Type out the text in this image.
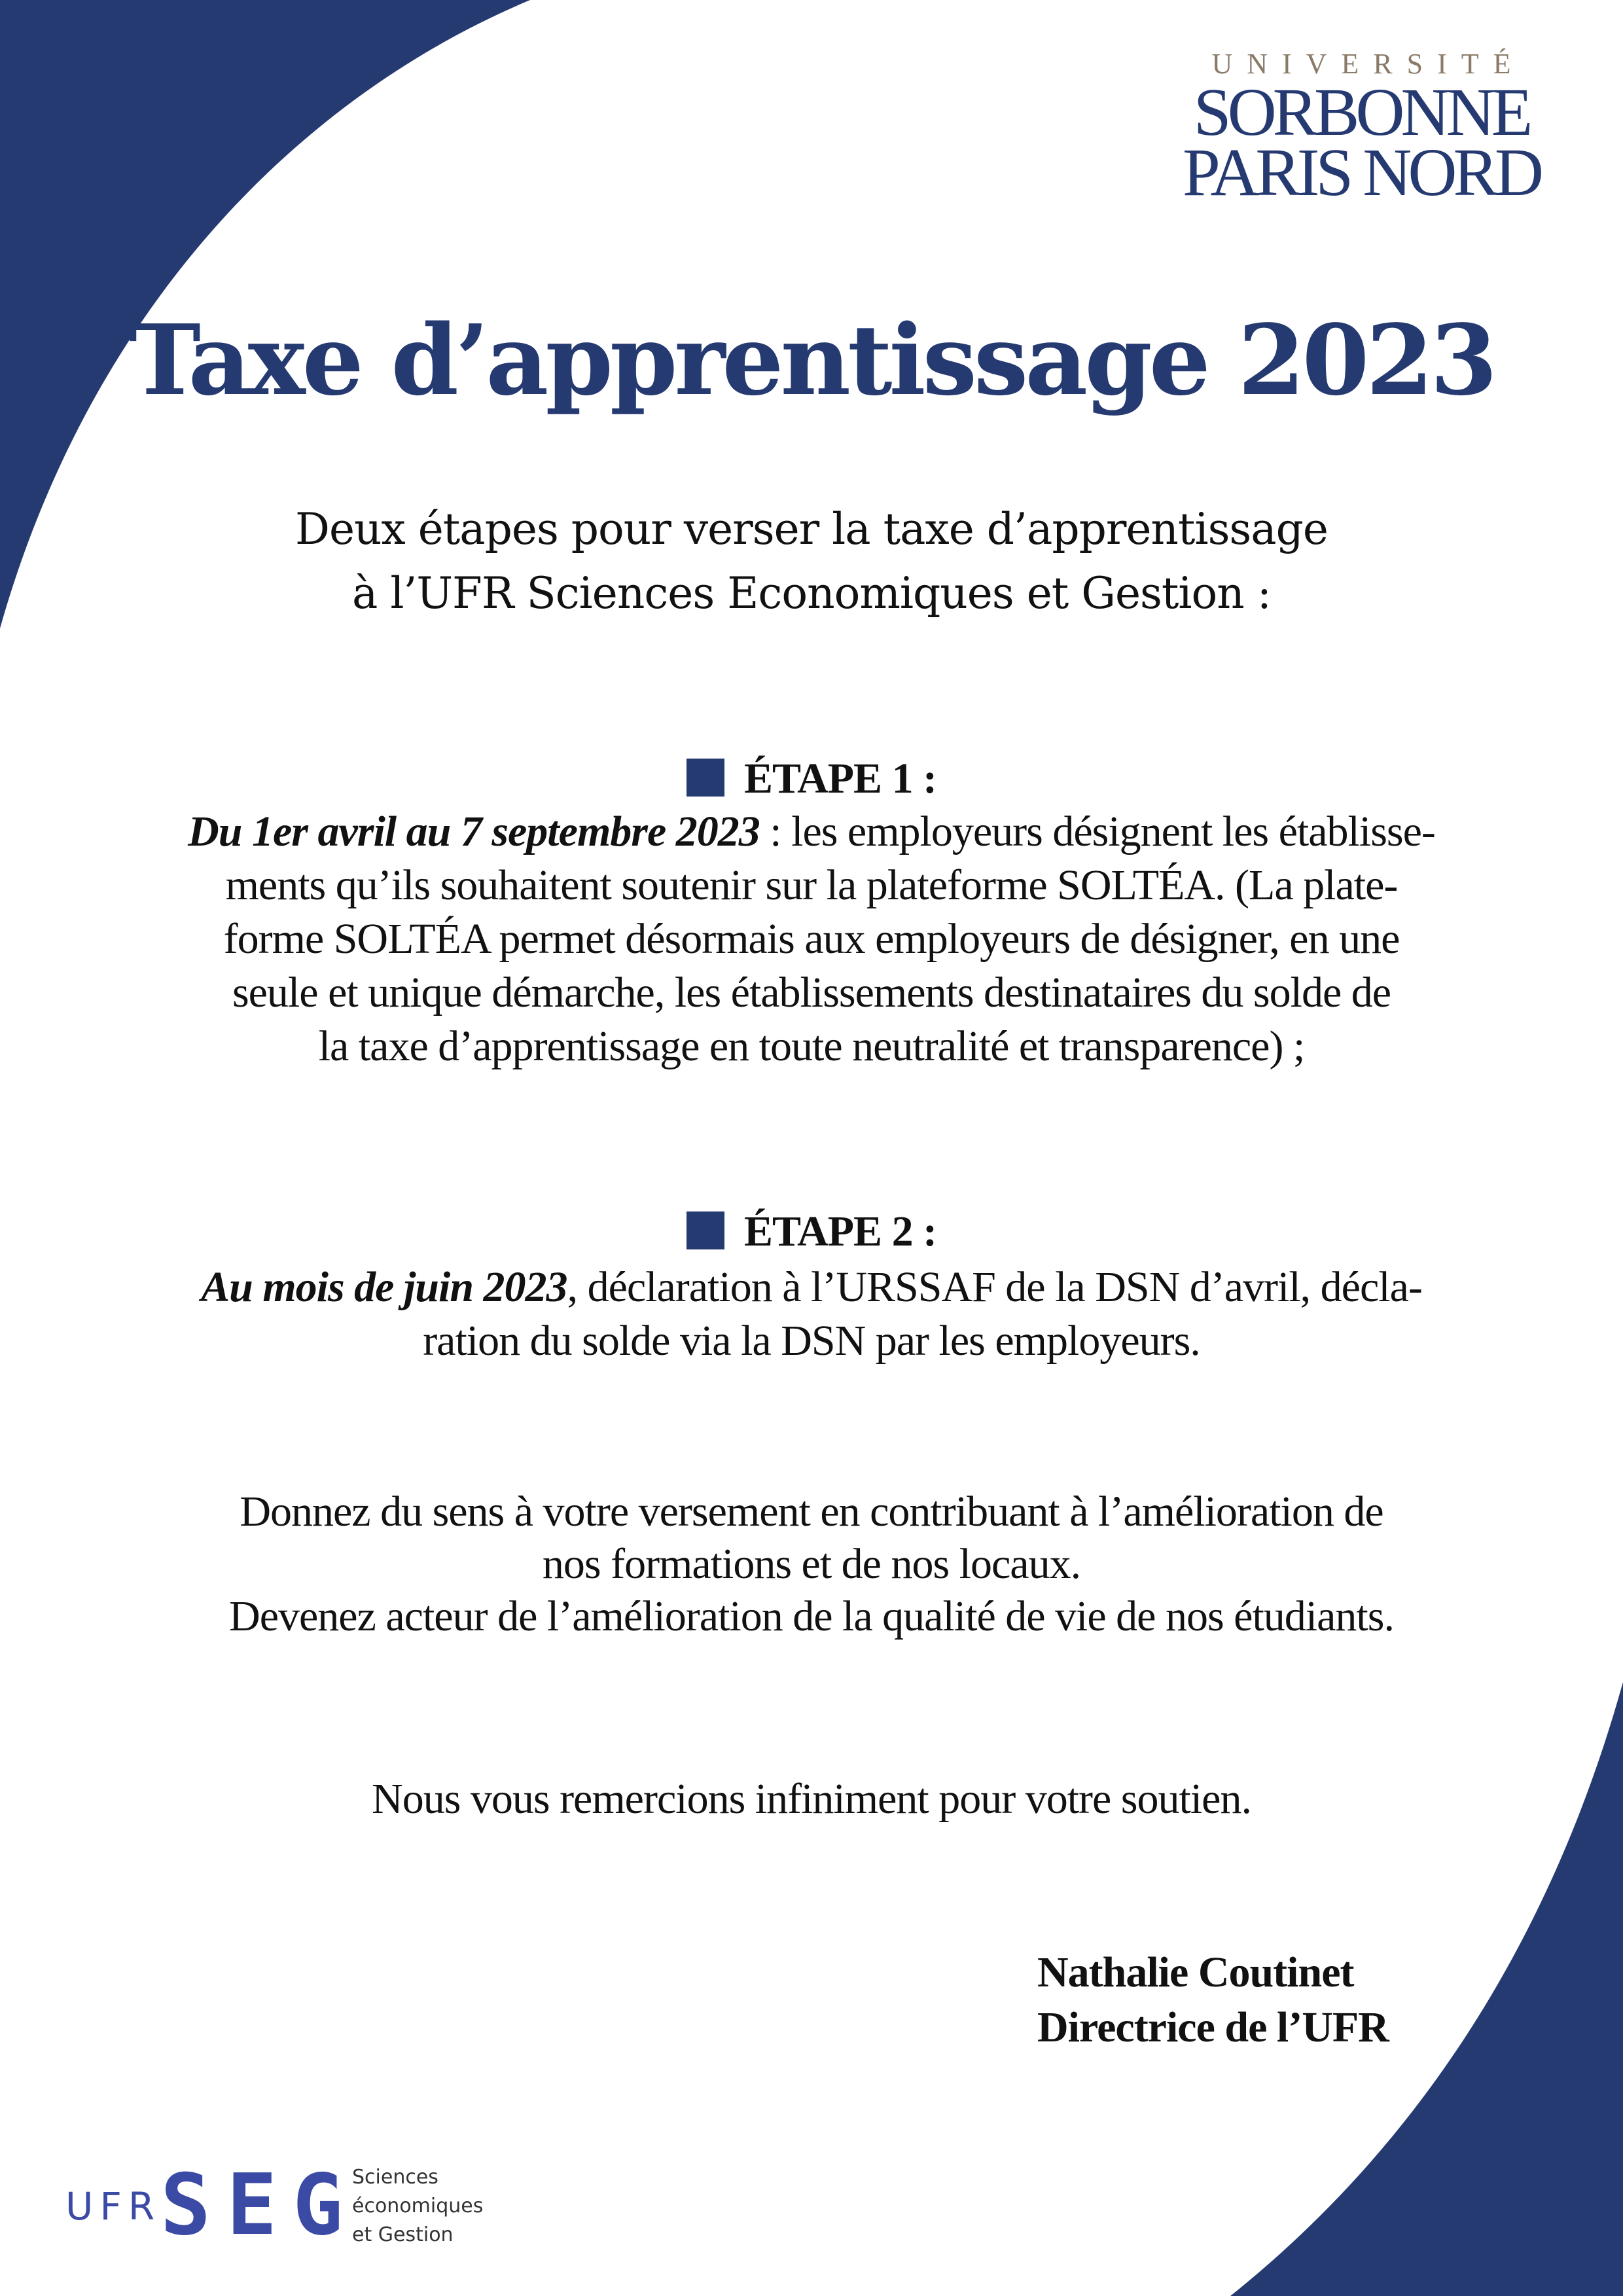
UNIVERSITÉ
SORBONNE
PARIS NORD
Taxe d’apprentissage 2023
Deux étapes pour verser la taxe d’apprentissage
à l’UFR Sciences Economiques et Gestion :
ÉTAPE 1 :
Du 1er avril au 7 septembre 2023 : les employeurs désignent les établisse-
ments qu’ils souhaitent soutenir sur la plateforme SOLTÉA. (La plate-
forme SOLTÉA permet désormais aux employeurs de désigner, en une
seule et unique démarche, les établissements destinataires du solde de
la taxe d’apprentissage en toute neutralité et transparence) ;
ÉTAPE 2 :
Au mois de juin 2023, déclaration à l’URSSAF de la DSN d’avril, décla-
ration du solde via la DSN par les employeurs.
Donnez du sens à votre versement en contribuant à l’amélioration de
nos formations et de nos locaux.
Devenez acteur de l’amélioration de la qualité de vie de nos étudiants.
Nous vous remercions infiniment pour votre soutien.
Nathalie Coutinet
Directrice de l’UFR
UFR
SEG
Sciences
économiques
et Gestion
